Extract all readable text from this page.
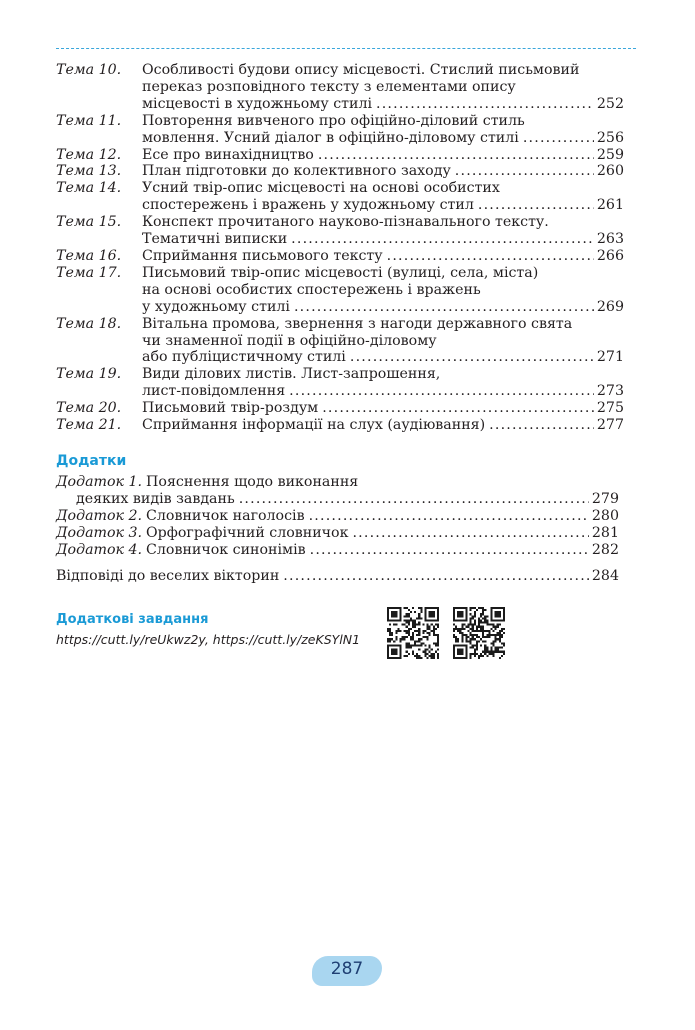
Тема 10.	Особливості будови опису місцевості. Стислий письмовий
переказ розповідного тексту з елементами опису
місцевості в художньому стилі .....	252
Тема 11.	Повторення вивченого про офіційно-діловий стиль
мовлення. Усний діалог в офіційно-діловому стилі .....	256
Тема 12.	Есе про винахідництво .....	259
Тема 13.	План підготовки до колективного заходу .....	260
Тема 14.	Усний твір-опис місцевості на основі особистих
спостережень і вражень у художньому стил .....	261
Тема 15.	Конспект прочитаного науково-пізнавального тексту.
Тематичні виписки .....	263
Тема 16.	Сприймання письмового тексту .....	266
Тема 17.	Письмовий твір-опис місцевості (вулиці, села, міста)
на основі особистих спостережень і вражень
у художньому стилі .....	269
Тема 18.	Вітальна промова, звернення з нагоди державного свята
чи знаменної події в офіційно-діловому
або публіцистичному стилі .....	271
Тема 19.	Види ділових листів. Лист-запрошення,
лист-повідомлення .....	273
Тема 20.	Письмовий твір-роздум .....	275
Тема 21.	Сприймання інформації на слух (аудіювання) .....	277
Додатки
Додаток 1. Пояснення щодо виконання
деяких видів завдань .....	279
Додаток 2. Словничок наголосів .....	280
Додаток 3. Орфографічний словничок .....	281
Додаток 4. Словничок синонімів .....	282
Відповіді до веселих вікторин .....	284
Додаткові завдання
https://cutt.ly/reUkwz2y, https://cutt.ly/zeKSYlN1
287
